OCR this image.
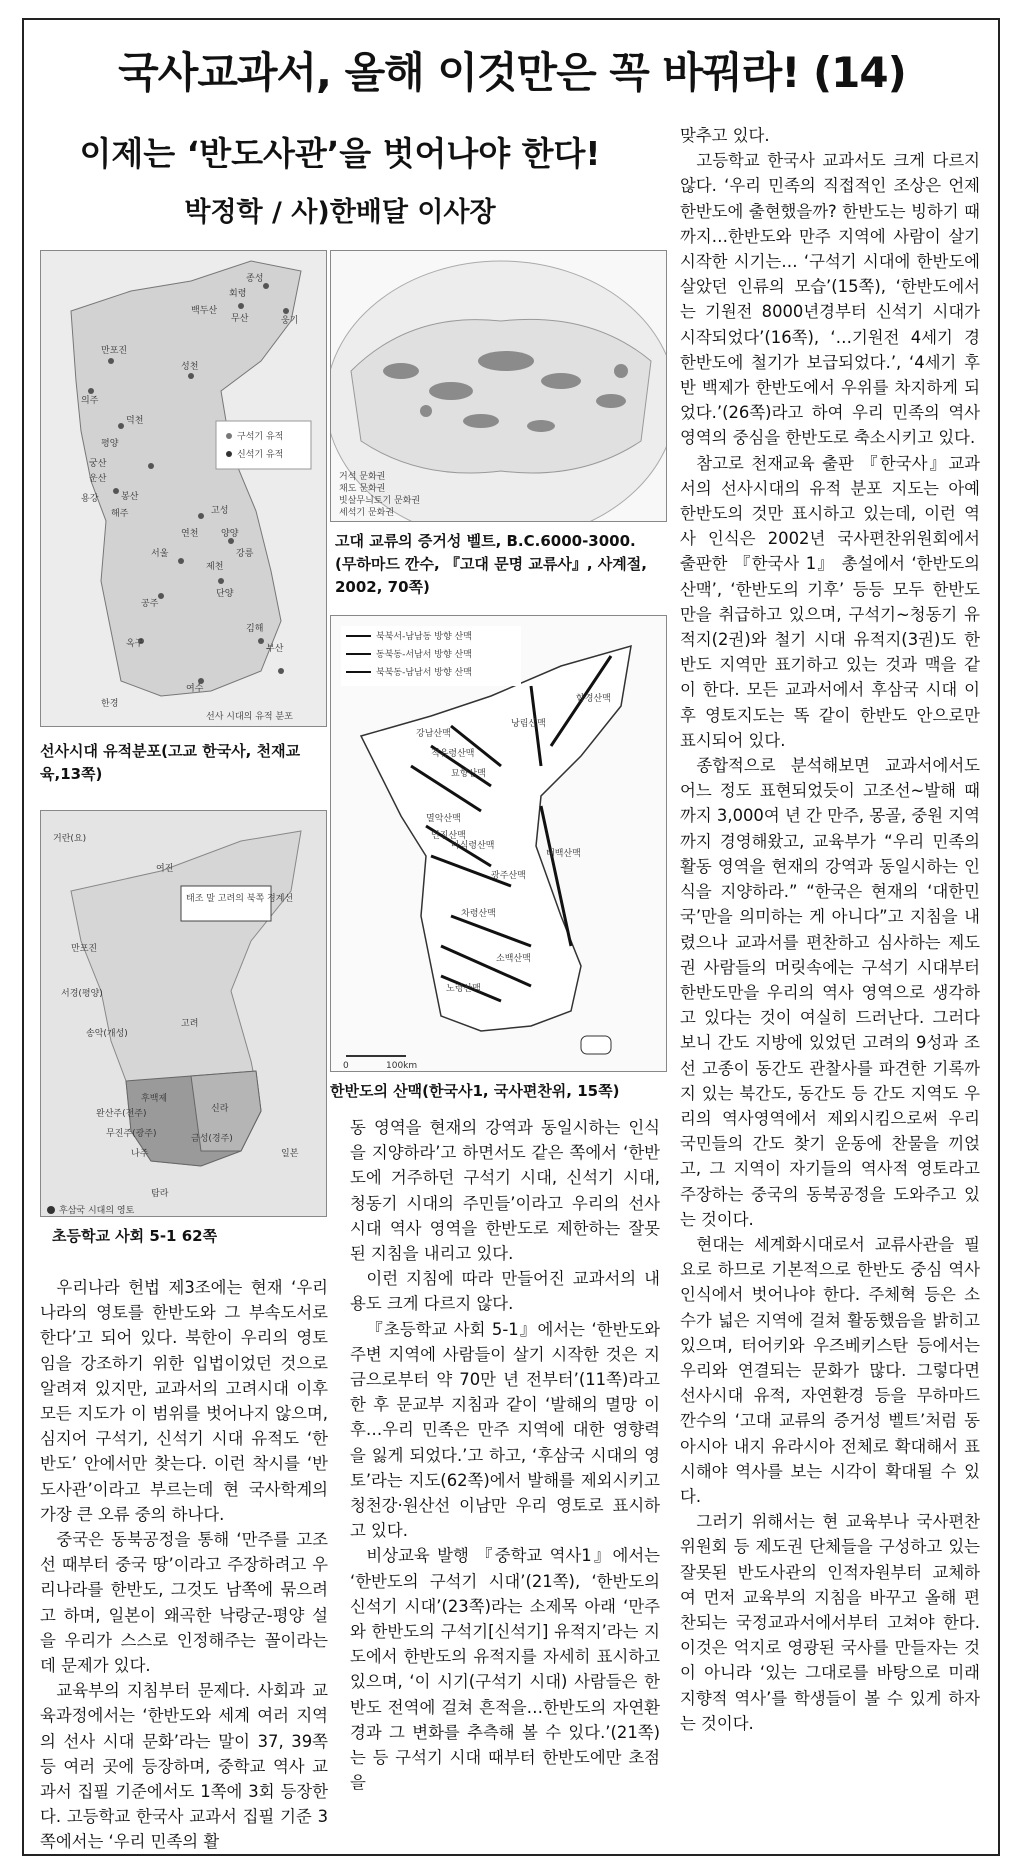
국사교과서, 올해 이것만은 꼭 바꿔라! (14)
이제는 ‘반도사관’을 벗어나야 한다!
박정학 / 사)한배달 이사장
구석기 유적
신석기 유적
종성
회령
웅기
무산
백두산
만포진
성천
의주
덕천
평양
궁산
운산
용강	봉산
해주	고성
연천	양양
강릉
서울
제천
단양
공주
옥구	부산
김해
여수
한경
선사 시대의 유적 분포
선사시대 유적분포(고교 한국사, 천재교육,13쪽)
거석 문화권
채도 문화권
빗살무늬토기 문화권
세석기 문화권
고대 교류의 증거성 벨트, B.C.6000-3000. (무하마드 깐수, 『고대 문명 교류사』, 사계절, 2002, 70쪽)
북북서-남남동 방향 산맥
동북동-서남서 방향 산맥
북북동-남남서 방향 산맥
0	100km
함경산맥
강남산맥
적유령산맥
묘향산맥
낭림산맥
멸악산맥
마식령산맥
언진산맥
태백산맥
광주산맥
차령산맥
소백산맥
노령산맥
한반도의 산맥(한국사1, 국사편찬위, 15쪽)
태조 말 고려의 북쪽 경계선
거란(요)
여진
만포진
서경(평양)
송악(개성)
고려
후백제
신라
완산주(전주)
무진주(광주)	금성(경주)
나주	일본
탐라
후삼국 시대의 영토
초등학교 사회 5-1 62쪽

우리나라 헌법 제3조에는 현재 ‘우리나라의 영토를 한반도와 그 부속도서로 한다’고 되어 있다. 북한이 우리의 영토임을 강조하기 위한 입법이었던 것으로 알려져 있지만, 교과서의 고려시대 이후 모든 지도가 이 범위를 벗어나지 않으며, 심지어 구석기, 신석기 시대 유적도 ‘한반도’ 안에서만 찾는다. 이런 착시를 ‘반도사관’이라고 부르는데 현 국사학계의 가장 큰 오류 중의 하나다.

중국은 동북공정을 통해 ‘만주를 고조선 때부터 중국 땅’이라고 주장하려고 우리나라를 한반도, 그것도 남쪽에 묶으려고 하며, 일본이 왜곡한 낙랑군-평양 설을 우리가 스스로 인정해주는 꼴이라는 데 문제가 있다.

교육부의 지침부터 문제다. 사회과 교육과정에서는 ‘한반도와 세계 여러 지역의 선사 시대 문화’라는 말이 37, 39쪽 등 여러 곳에 등장하며, 중학교 역사 교과서 집필 기준에서도 1쪽에 3회 등장한다. 고등학교 한국사 교과서 집필 기준 3쪽에서는 ‘우리 민족의 활

동 영역을 현재의 강역과 동일시하는 인식을 지양하라’고 하면서도 같은 쪽에서 ‘한반도에 거주하던 구석기 시대, 신석기 시대, 청동기 시대의 주민들’이라고 우리의 선사시대 역사 영역을 한반도로 제한하는 잘못된 지침을 내리고 있다.

이런 지침에 따라 만들어진 교과서의 내용도 크게 다르지 않다.

『초등학교 사회 5-1』에서는 ‘한반도와 주변 지역에 사람들이 살기 시작한 것은 지금으로부터 약 70만 년 전부터’(11쪽)라고 한 후 문교부 지침과 같이 ‘발해의 멸망 이후…우리 민족은 만주 지역에 대한 영향력을 잃게 되었다.’고 하고, ‘후삼국 시대의 영토’라는 지도(62쪽)에서 발해를 제외시키고 청천강·원산선 이남만 우리 영토로 표시하고 있다.

비상교육 발행 『중학교 역사1』에서는 ‘한반도의 구석기 시대’(21쪽), ‘한반도의 신석기 시대’(23쪽)라는 소제목 아래 ‘만주와 한반도의 구석기[신석기] 유적지’라는 지도에서 한반도의 유적지를 자세히 표시하고 있으며, ‘이 시기(구석기 시대) 사람들은 한반도 전역에 걸쳐 흔적을…한반도의 자연환경과 그 변화를 추측해 볼 수 있다.’(21쪽)는 등 구석기 시대 때부터 한반도에만 초점을

맞추고 있다.

고등학교 한국사 교과서도 크게 다르지 않다. ‘우리 민족의 직접적인 조상은 언제 한반도에 출현했을까? 한반도는 빙하기 때까지…한반도와 만주 지역에 사람이 살기 시작한 시기는… ‘구석기 시대에 한반도에 살았던 인류의 모습’(15쪽), ‘한반도에서는 기원전 8000년경부터 신석기 시대가 시작되었다’(16쪽), ‘…기원전 4세기 경 한반도에 철기가 보급되었다.’, ‘4세기 후반 백제가 한반도에서 우위를 차지하게 되었다.’(26쪽)라고 하여 우리 민족의 역사 영역의 중심을 한반도로 축소시키고 있다.

참고로 천재교육 출판 『한국사』교과서의 선사시대의 유적 분포 지도는 아예 한반도의 것만 표시하고 있는데, 이런 역사 인식은 2002년 국사편찬위원회에서 출판한 『한국사 1』 총설에서 ‘한반도의 산맥’, ‘한반도의 기후’ 등등 모두 한반도만을 취급하고 있으며, 구석기~청동기 유적지(2권)와 철기 시대 유적지(3권)도 한반도 지역만 표기하고 있는 것과 맥을 같이 한다. 모든 교과서에서 후삼국 시대 이후 영토지도는 똑 같이 한반도 안으로만 표시되어 있다.

종합적으로 분석해보면 교과서에서도 어느 정도 표현되었듯이 고조선~발해 때까지 3,000여 년 간 만주, 몽골, 중원 지역까지 경영해왔고, 교육부가 “우리 민족의 활동 영역을 현재의 강역과 동일시하는 인식을 지양하라.” “한국은 현재의 ‘대한민국’만을 의미하는 게 아니다”고 지침을 내렸으나 교과서를 편찬하고 심사하는 제도권 사람들의 머릿속에는 구석기 시대부터 한반도만을 우리의 역사 영역으로 생각하고 있다는 것이 여실히 드러난다. 그러다보니 간도 지방에 있었던 고려의 9성과 조선 고종이 동간도 관찰사를 파견한 기록까지 있는 북간도, 동간도 등 간도 지역도 우리의 역사영역에서 제외시킴으로써 우리 국민들의 간도 찾기 운동에 찬물을 끼얹고, 그 지역이 자기들의 역사적 영토라고 주장하는 중국의 동북공정을 도와주고 있는 것이다.

현대는 세계화시대로서 교류사관을 필요로 하므로 기본적으로 한반도 중심 역사인식에서 벗어나야 한다. 주체혁 등은 소수가 넓은 지역에 걸쳐 활동했음을 밝히고 있으며, 터어키와 우즈베키스탄 등에서는 우리와 연결되는 문화가 많다. 그렇다면 선사시대 유적, 자연환경 등을 무하마드 깐수의 ‘고대 교류의 증거성 벨트’처럼 동아시아 내지 유라시아 전체로 확대해서 표시해야 역사를 보는 시각이 확대될 수 있다.

그러기 위해서는 현 교육부나 국사편찬위원회 등 제도권 단체들을 구성하고 있는 잘못된 반도사관의 인적자원부터 교체하여 먼저 교육부의 지침을 바꾸고 올해 편찬되는 국정교과서에서부터 고쳐야 한다. 이것은 억지로 영광된 국사를 만들자는 것이 아니라 ‘있는 그대로를 바탕으로 미래지향적 역사’를 학생들이 볼 수 있게 하자는 것이다.
